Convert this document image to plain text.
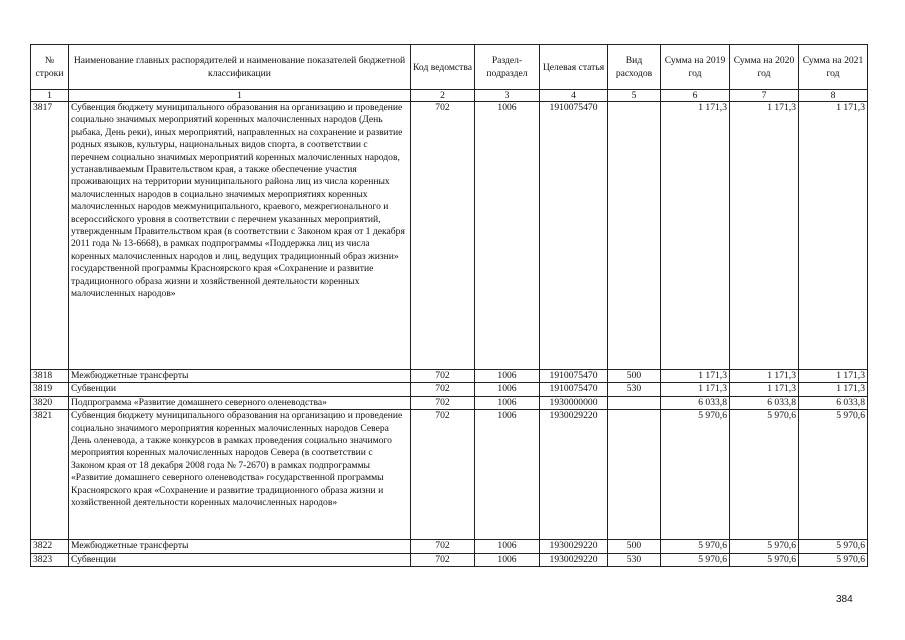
№ строки	Наименование главных распорядителей и наименование показателей бюджетной классификации	Код ведомства	Раздел-подраздел	Целевая статья	Вид расходов	Сумма на 2019 год	Сумма на 2020 год	Сумма на 2021 год
1	1	2	3	4	5	6	7	8
3817	Субвенция бюджету муниципального образования на организацию и проведение социально значимых мероприятий коренных малочисленных народов (День рыбака, День реки), иных мероприятий, направленных на сохранение и развитие родных языков, культуры, национальных видов спорта, в соответствии с перечнем социально значимых мероприятий коренных малочисленных народов, устанавливаемым Правительством края, а также обеспечение участия проживающих на территории муниципального района лиц из числа коренных малочисленных народов в социально значимых мероприятиях коренных малочисленных народов межмуниципального, краевого, межрегионального и всероссийского уровня в соответствии с перечнем указанных мероприятий, утвержденным Правительством края (в соответствии с Законом края от 1 декабря 2011 года № 13-6668), в рамках подпрограммы «Поддержка лиц из числа коренных малочисленных народов и лиц, ведущих традиционный образ жизни» государственной программы Красноярского края «Сохранение и развитие традиционного образа жизни и хозяйственной деятельности коренных малочисленных народов»	702	1006	1910075470		1 171,3	1 171,3	1 171,3
3818	Межбюджетные трансферты	702	1006	1910075470	500	1 171,3	1 171,3	1 171,3
3819	Субвенции	702	1006	1910075470	530	1 171,3	1 171,3	1 171,3
3820	Подпрограмма «Развитие домашнего северного оленеводства»	702	1006	1930000000		6 033,8	6 033,8	6 033,8
3821	Субвенция бюджету муниципального образования на организацию и проведение социально значимого мероприятия коренных малочисленных народов Севера День оленевода, а также конкурсов в рамках проведения социально значимого мероприятия коренных малочисленных народов Севера (в соответствии с Законом края от 18 декабря 2008 года № 7-2670) в рамках подпрограммы «Развитие домашнего северного оленеводства» государственной программы Красноярского края «Сохранение и развитие традиционного образа жизни и хозяйственной деятельности коренных малочисленных народов»	702	1006	1930029220		5 970,6	5 970,6	5 970,6
3822	Межбюджетные трансферты	702	1006	1930029220	500	5 970,6	5 970,6	5 970,6
3823	Субвенции	702	1006	1930029220	530	5 970,6	5 970,6	5 970,6
384
